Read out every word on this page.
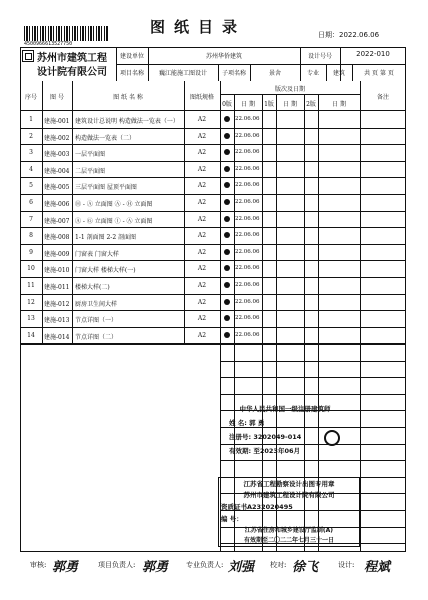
图纸目录	日期：2022.06.06
4500966613527750
苏州市建筑工程
设计院有限公司
建设单位	苏州华侨建筑	设计号号	2022-010
项目名称	巍江能施工图设计	子项名称	景舍	专业	建筑	共 页 第 页
序号	图 号	图 纸 名 称	图纸规格
版次及日期
备注
0版	日 期	1版	日 期	2版	日 期
1	建施-001 建筑设计总说明 构造做法一览表（一）	A2	22.06.06
2	建施-002 构造做法一览表（二）	A2	22.06.06
3	建施-003 一层平面图	A2	22.06.06
4	建施-004 二层平面图	A2	22.06.06
5	建施-005 三层平面图 屋顶平面图	A2	22.06.06
6	建施-006 Ⓗ - Ⓐ 立面图 Ⓐ - Ⓗ 立面图	A2	22.06.06
7	建施-007 Ⓐ - Ⓖ 立面图 Ⓘ - Ⓐ 立面图	A2	22.06.06
8	建施-008 1-1 剖面图 2-2 剖面图	A2	22.06.06
9	建施-009 门窗表 门窗大样	A2	22.06.06
10	建施-010 门窗大样 楼梯大样(一)	A2	22.06.06
11	建施-011 楼梯大样(二)	A2	22.06.06
12	建施-012 厨房卫生间大样	A2	22.06.06
13	建施-013 节点详图（一）	A2	22.06.06
14	建施-014 节点详图（二）	A2	22.06.06
中华人民共和国一级注册建筑师
姓 名: 郭 勇
注册号: 3202049-014
有效期: 至2023年06月
江苏省工程勘察设计出图专用章
苏州市建筑工程设计院有限公司
资质证书A232020495
编 号：
江苏省住房和城乡建设厅监制(A)
有效期至二〇二二年七月三十一日
审核: 郭勇	项目负责人: 郭勇	专业负责人: 刘强 校对: 徐飞	设计: 程斌
